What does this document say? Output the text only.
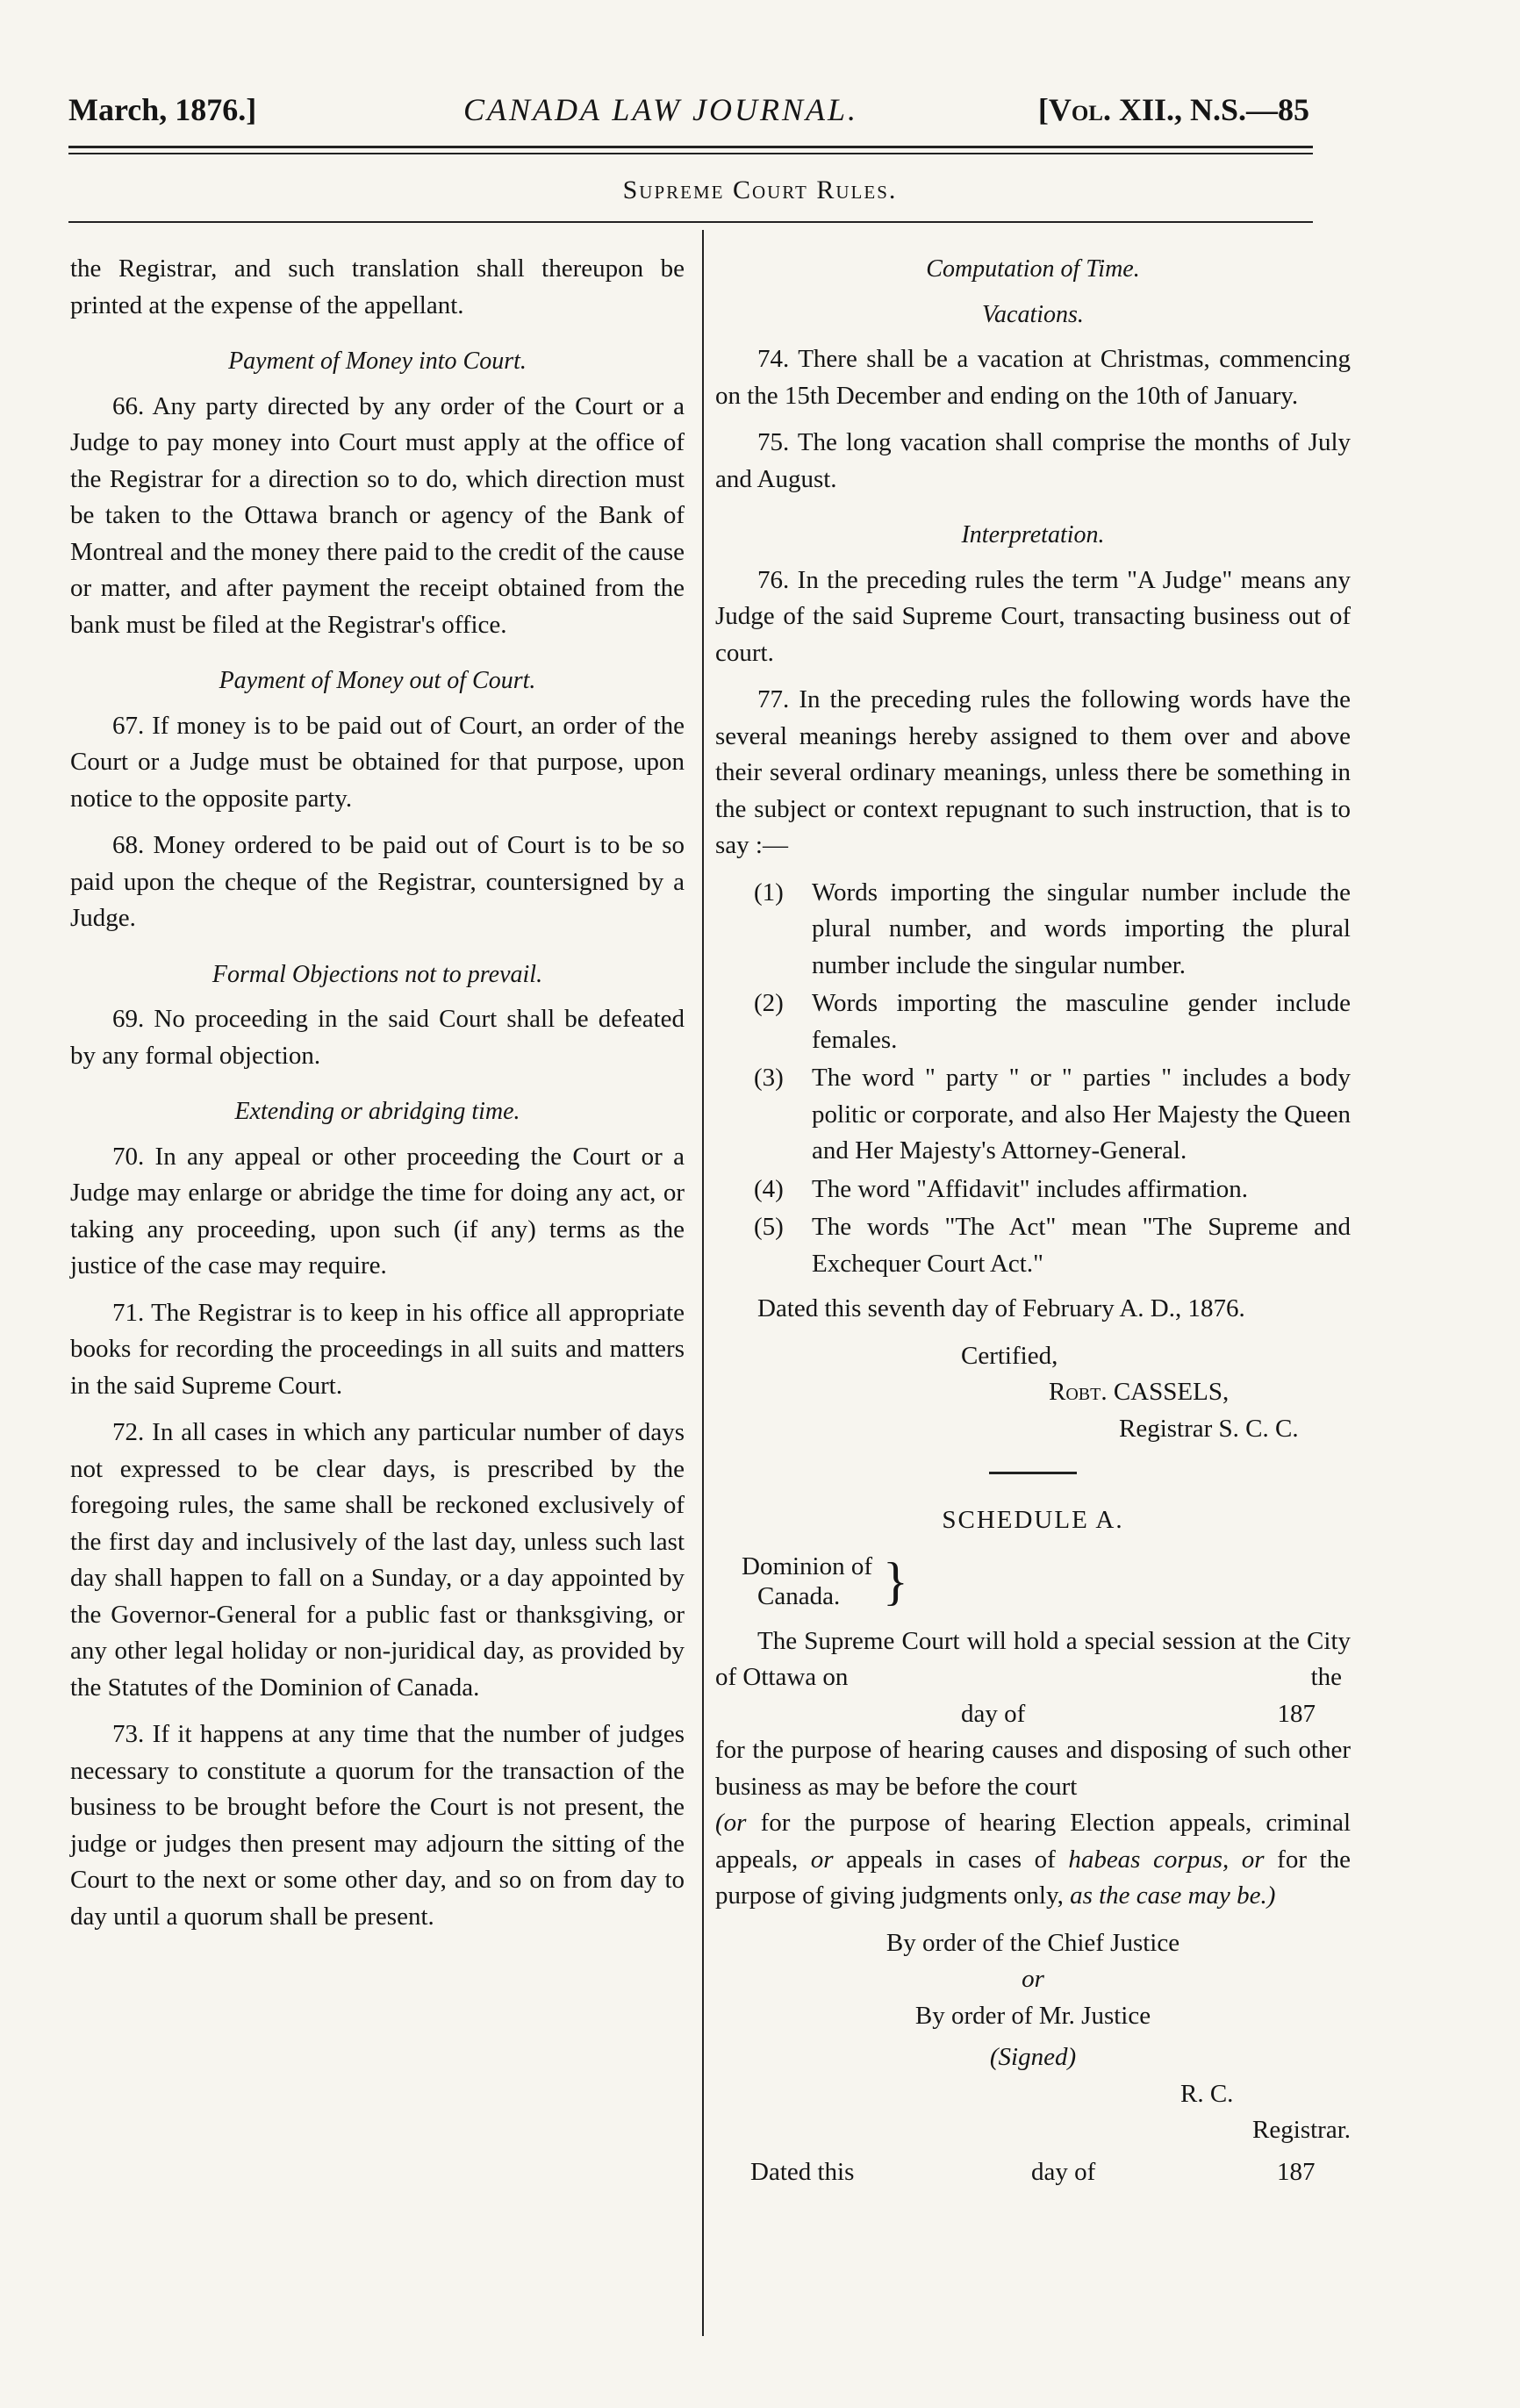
March, 1876.]	CANADA LAW JOURNAL.	[Vol. XII., N.S.—85
Supreme Court Rules.

the Registrar, and such translation shall thereupon be printed at the expense of the appellant.

Payment of Money into Court.

66. Any party directed by any order of the Court or a Judge to pay money into Court must apply at the office of the Registrar for a direction so to do, which direction must be taken to the Ottawa branch or agency of the Bank of Montreal and the money there paid to the credit of the cause or matter, and after payment the receipt obtained from the bank must be filed at the Registrar's office.

Payment of Money out of Court.

67. If money is to be paid out of Court, an order of the Court or a Judge must be obtained for that purpose, upon notice to the opposite party.

68. Money ordered to be paid out of Court is to be so paid upon the cheque of the Registrar, countersigned by a Judge.

Formal Objections not to prevail.

69. No proceeding in the said Court shall be defeated by any formal objection.

Extending or abridging time.

70. In any appeal or other proceeding the Court or a Judge may enlarge or abridge the time for doing any act, or taking any proceeding, upon such (if any) terms as the justice of the case may require.

71. The Registrar is to keep in his office all appropriate books for recording the proceedings in all suits and matters in the said Supreme Court.

72. In all cases in which any particular number of days not expressed to be clear days, is prescribed by the foregoing rules, the same shall be reckoned exclusively of the first day and inclusively of the last day, unless such last day shall happen to fall on a Sunday, or a day appointed by the Governor-General for a public fast or thanksgiving, or any other legal holiday or non-juridical day, as provided by the Statutes of the Dominion of Canada.

73. If it happens at any time that the number of judges necessary to constitute a quorum for the transaction of the business to be brought before the Court is not present, the judge or judges then present may adjourn the sitting of the Court to the next or some other day, and so on from day to day until a quorum shall be present.

Computation of Time.
Vacations.

74. There shall be a vacation at Christmas, commencing on the 15th December and ending on the 10th of January.

75. The long vacation shall comprise the months of July and August.

Interpretation.

76. In the preceding rules the term "A Judge" means any Judge of the said Supreme Court, transacting business out of court.

77. In the preceding rules the following words have the several meanings hereby assigned to them over and above their several ordinary meanings, unless there be something in the subject or context repugnant to such instruction, that is to say :—

(1) Words importing the singular number include the plural number, and words importing the plural number include the singular number.
(2) Words importing the masculine gender include females.
(3) The word " party " or " parties " includes a body politic or corporate, and also Her Majesty the Queen and Her Majesty's Attorney-General.
(4) The word "Affidavit" includes affirmation.
(5) The words "The Act" mean "The Supreme and Exchequer Court Act."

Dated this seventh day of February A. D., 1876.

Certified,
Robt. CASSELS,
Registrar S. C. C.
SCHEDULE A.
Dominion of
Canada. }

The Supreme Court will hold a special session at the City of Ottawa on	the

day of	187

for the purpose of hearing causes and disposing of such other business as may be before the court

(or for the purpose of hearing Election appeals, criminal appeals, or appeals in cases of habeas corpus, or for the purpose of giving judgments only, as the case may be.)

By order of the Chief Justice
or
By order of Mr. Justice
(Signed)
R. C.
Registrar.
Dated this	day of	187
